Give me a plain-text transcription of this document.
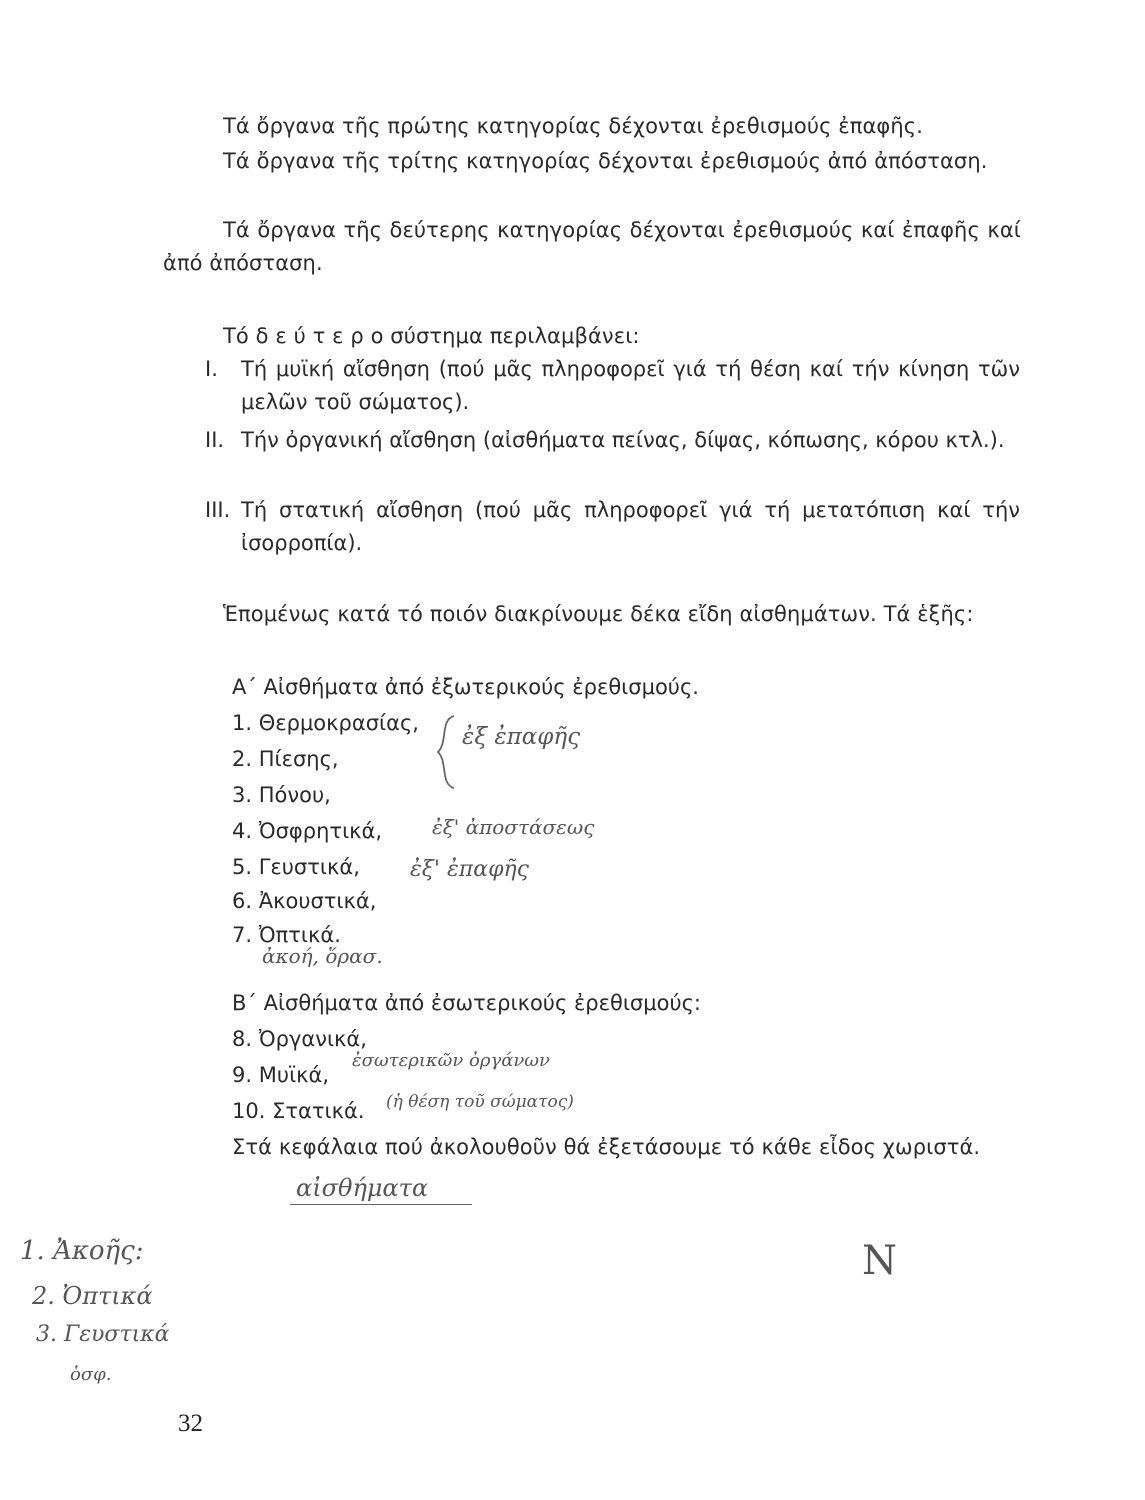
Τά ὄργανα τῆς πρώτης κατηγορίας δέχονται ἐρεθισμούς ἐπαφῆς.

Τά ὄργανα τῆς τρίτης κατηγορίας δέχονται ἐρεθισμούς ἀπό ἀπόσταση.

Τά ὄργανα τῆς δεύτερης κατηγορίας δέχονται ἐρεθισμούς καί ἐπαφῆς καί ἀπό ἀπόσταση.

Τό δ ε ύ τ ε ρ ο σύστημα περιλαμβάνει:

I. Τή μυϊκή αἴσθηση (πού μᾶς πληροφορεῖ γιά τή θέση καί τήν κίνηση τῶν μελῶν τοῦ σώματος).
II. Τήν ὀργανική αἴσθηση (αἰσθήματα πείνας, δίψας, κόπωσης, κόρου κτλ.).
III. Τή στατική αἴσθηση (πού μᾶς πληροφορεῖ γιά τή μετατόπιση καί τήν ἰσορροπία).

Ἑπομένως κατά τό ποιόν διακρίνουμε δέκα εἴδη αἰσθημάτων. Τά ἑξῆς:

Α΄ Αἰσθήματα ἀπό ἐξωτερικούς ἐρεθισμούς.

1. Θερμοκρασίας,

2. Πίεσης,

3. Πόνου,

4. Ὀσφρητικά,

5. Γευστικά,

6. Ἀκουστικά,

7. Ὀπτικά.

Β΄ Αἰσθήματα ἀπό ἐσωτερικούς ἐρεθισμούς:

8. Ὀργανικά,

9. Μυϊκά,

10. Στατικά.

Στά κεφάλαια πού ἀκολουθοῦν θά ἐξετάσουμε τό κάθε εἶδος χωριστά.

ἐξ ἐπαφῆς
ἐξ' ἀποστάσεως
ἐξ' ἐπαφῆς
ἀκοή, ὅρασ.
ἐσωτερικῶν ὀργάνων
(ἡ θέση τοῦ σώματος)
αἰσθήματα
N
1. Ἀκοῆς:
2. Ὀπτικά
3. Γευστικά
ὁσφ.
32
